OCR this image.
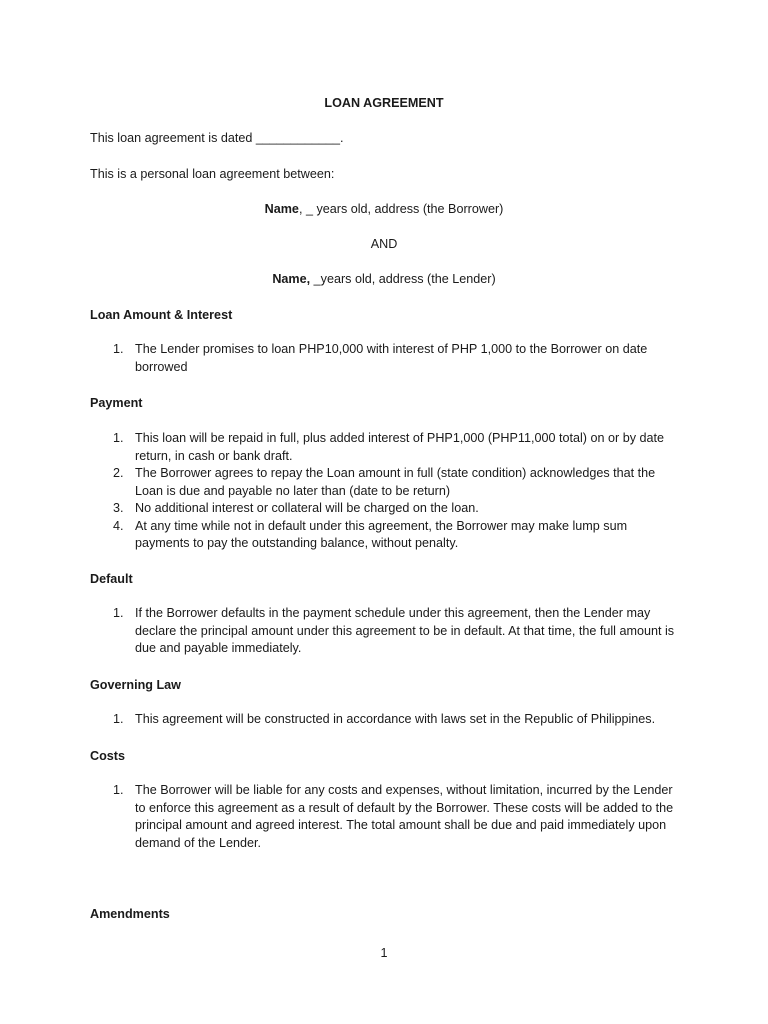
LOAN AGREEMENT
This loan agreement is dated ____________.
This is a personal loan agreement between:
Name, _ years old, address (the Borrower)
AND
Name, _years old, address (the Lender)
Loan Amount & Interest
1. The Lender promises to loan PHP10,000 with interest of PHP 1,000 to the Borrower on date borrowed
Payment
1. This loan will be repaid in full, plus added interest of PHP1,000 (PHP11,000 total) on or by date return, in cash or bank draft.
2. The Borrower agrees to repay the Loan amount in full (state condition) acknowledges that the Loan is due and payable no later than (date to be return)
3. No additional interest or collateral will be charged on the loan.
4. At any time while not in default under this agreement, the Borrower may make lump sum payments to pay the outstanding balance, without penalty.
Default
1. If the Borrower defaults in the payment schedule under this agreement, then the Lender may declare the principal amount under this agreement to be in default. At that time, the full amount is due and payable immediately.
Governing Law
1. This agreement will be constructed in accordance with laws set in the Republic of Philippines.
Costs
1. The Borrower will be liable for any costs and expenses, without limitation, incurred by the Lender to enforce this agreement as a result of default by the Borrower. These costs will be added to the principal amount and agreed interest. The total amount shall be due and paid immediately upon demand of the Lender.
Amendments
1
